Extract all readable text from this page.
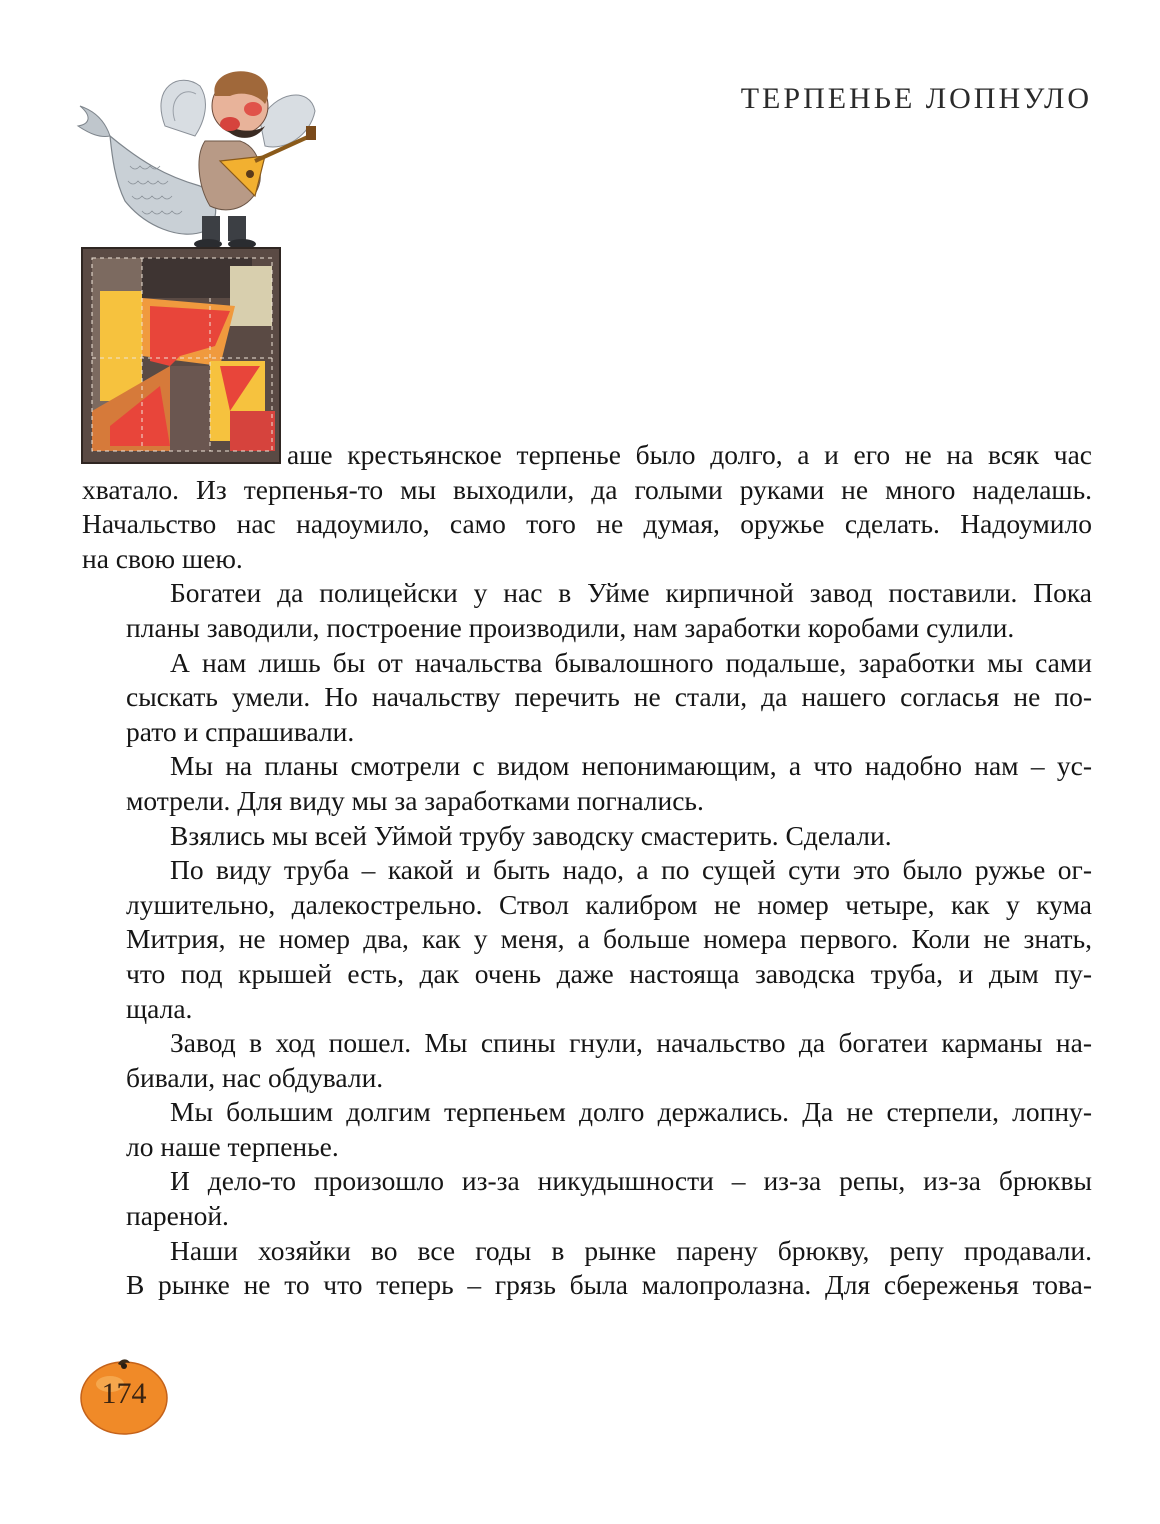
ТЕРПЕНЬЕ ЛОПНУЛО
аше крестьянское терпенье было долго, а и его не на всяк час
хватало. Из терпенья-то мы выходили, да голыми руками не много наделашь.
Начальство нас надоумило, само того не думая, оружье сделать. Надоумило
на свою шею.
Богатеи да полицейски у нас в Уйме кирпичной завод поставили. Пока
планы заводили, построение производили, нам заработки коробами сулили.
А нам лишь бы от начальства бывалошного подальше, заработки мы сами
сыскать умели. Но начальству перечить не стали, да нашего согласья не по-
рато и спрашивали.
Мы на планы смотрели с видом непонимающим, а что надобно нам – ус-
мотрели. Для виду мы за заработками погнались.
Взялись мы всей Уймой трубу заводску смастерить. Сделали.
По виду труба – какой и быть надо, а по сущей сути это было ружье ог-
лушительно, далекострельно. Ствол калибром не номер четыре, как у кума
Митрия, не номер два, как у меня, а больше номера первого. Коли не знать,
что под крышей есть, дак очень даже настояща заводска труба, и дым пу-
щала.
Завод в ход пошел. Мы спины гнули, начальство да богатеи карманы на-
бивали, нас обдували.
Мы большим долгим терпеньем долго держались. Да не стерпели, лопну-
ло наше терпенье.
И дело-то произошло из-за никудышности – из-за репы, из-за брюквы
пареной.
Наши хозяйки во все годы в рынке парену брюкву, репу продавали.
В рынке не то что теперь – грязь была малопролазна. Для сбереженья това-
174
